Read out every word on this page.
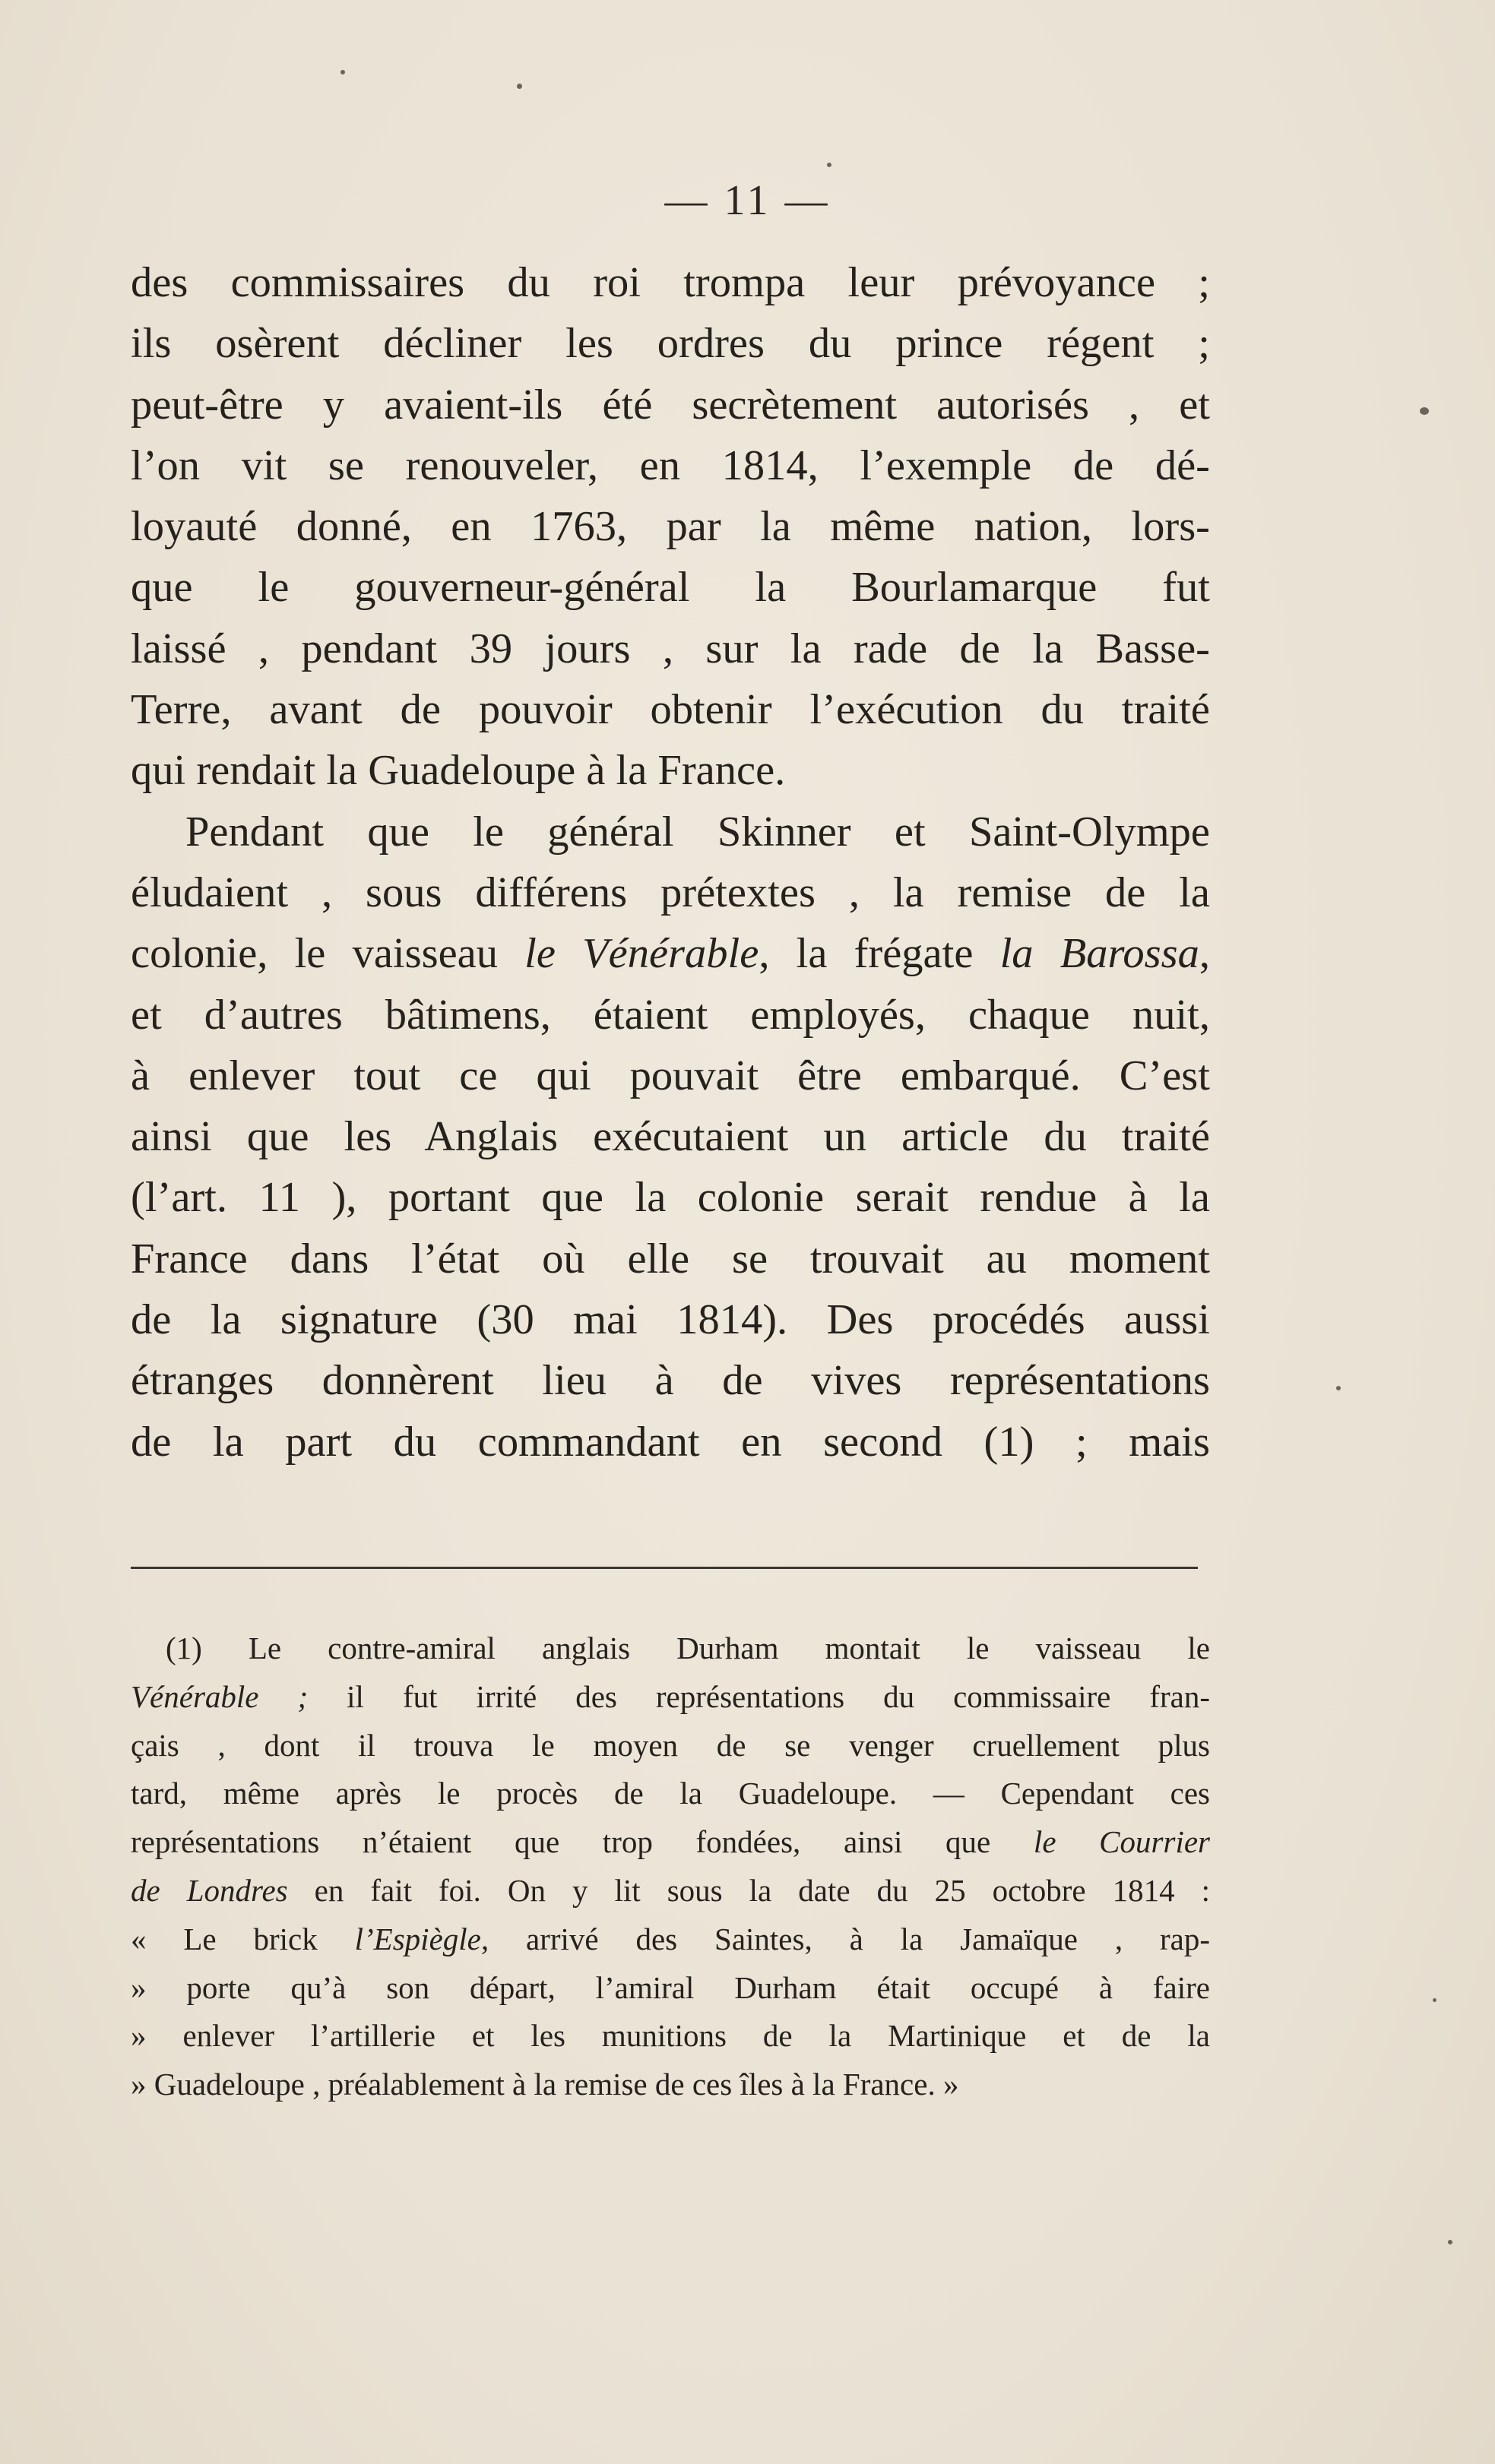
— 11 —
des commissaires du roi trompa leur prévoyance ;
ils osèrent décliner les ordres du prince régent ;
peut-être y avaient-ils été secrètement autorisés , et
l’on vit se renouveler, en 1814, l’exemple de dé-
loyauté donné, en 1763, par la même nation, lors-
que le gouverneur-général la Bourlamarque fut
laissé , pendant 39 jours , sur la rade de la Basse-
Terre, avant de pouvoir obtenir l’exécution du traité
qui rendait la Guadeloupe à la France.
Pendant que le général Skinner et Saint-Olympe
éludaient , sous différens prétextes , la remise de la
colonie, le vaisseau le Vénérable, la frégate la Barossa,
et d’autres bâtimens, étaient employés, chaque nuit,
à enlever tout ce qui pouvait être embarqué. C’est
ainsi que les Anglais exécutaient un article du traité
(l’art. 11 ), portant que la colonie serait rendue à la
France dans l’état où elle se trouvait au moment
de la signature (30 mai 1814). Des procédés aussi
étranges donnèrent lieu à de vives représentations
de la part du commandant en second (1) ; mais
(1) Le contre-amiral anglais Durham montait le vaisseau le
Vénérable ; il fut irrité des représentations du commissaire fran-
çais , dont il trouva le moyen de se venger cruellement plus
tard, même après le procès de la Guadeloupe. — Cependant ces
représentations n’étaient que trop fondées, ainsi que le Courrier
de Londres en fait foi. On y lit sous la date du 25 octobre 1814 :
« Le brick l’Espiègle, arrivé des Saintes, à la Jamaïque , rap-
» porte qu’à son départ, l’amiral Durham était occupé à faire
» enlever l’artillerie et les munitions de la Martinique et de la
» Guadeloupe , préalablement à la remise de ces îles à la France. »
